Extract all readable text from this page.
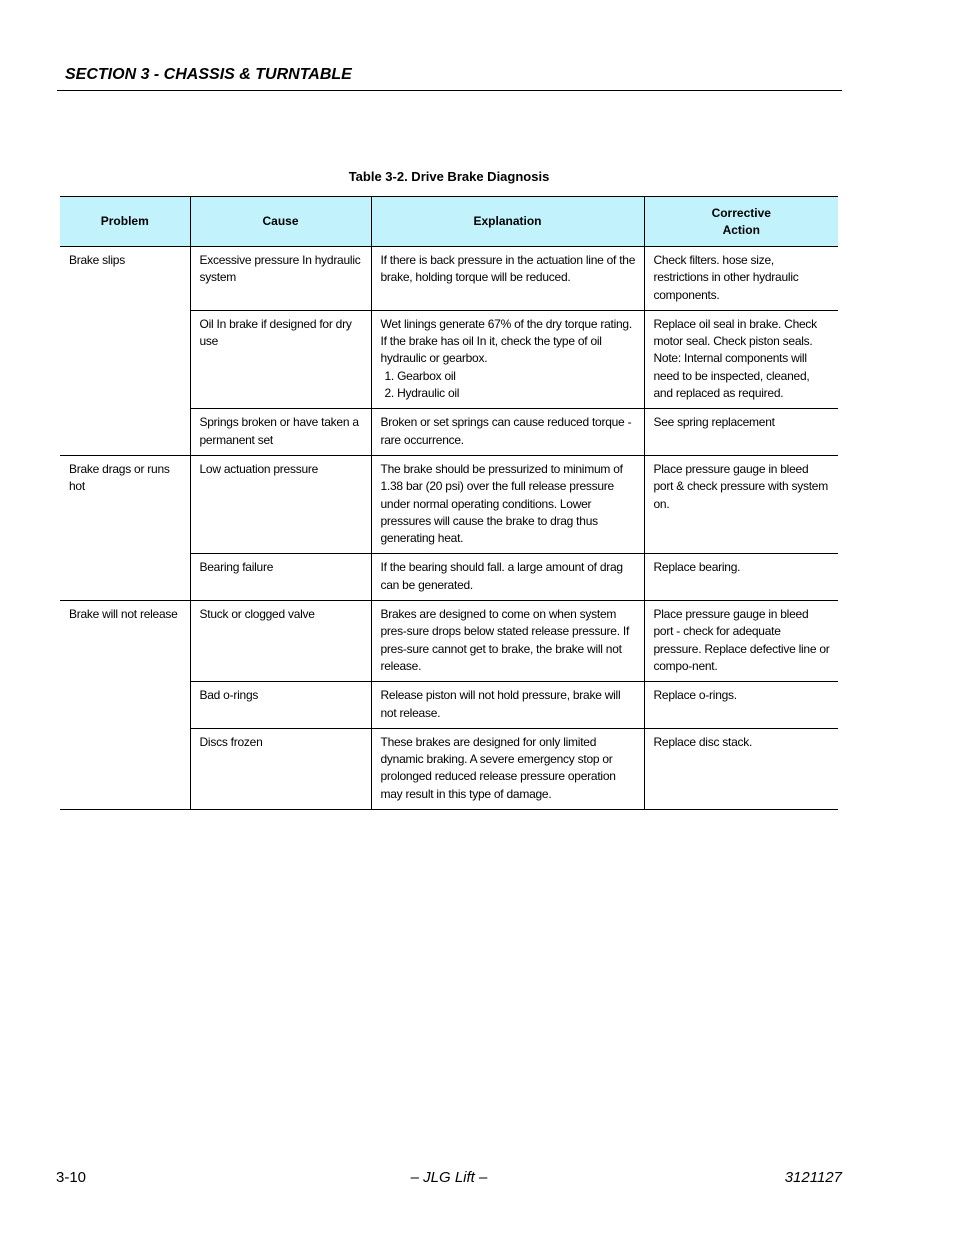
SECTION 3 - CHASSIS & TURNTABLE
Table 3-2. Drive Brake Diagnosis
Problem	Cause	Explanation	Corrective
Action
Brake slips	Excessive pressure In hydraulic system	If there is back pressure in the actuation line of the brake, holding torque will be reduced.	Check filters. hose size, restrictions in other hydraulic components.
	Oil In brake if designed for dry use	Wet linings generate 67% of the dry torque rating. If the brake has oil In it, check the type of oil hydraulic or gearbox.
1. Gearbox oil
2. Hydraulic oil	Replace oil seal in brake. Check motor seal. Check piston seals. Note: Internal components will need to be inspected, cleaned, and replaced as required.
	Springs broken or have taken a permanent set	Broken or set springs can cause reduced torque - rare occurrence.	See spring replacement
Brake drags or runs hot	Low actuation pressure	The brake should be pressurized to minimum of 1.38 bar (20 psi) over the full release pressure under normal operating conditions. Lower pressures will cause the brake to drag thus generating heat.	Place pressure gauge in bleed port & check pressure with system on.
	Bearing failure	If the bearing should fall. a large amount of drag can be generated.	Replace bearing.
Brake will not release	Stuck or clogged valve	Brakes are designed to come on when system pres-sure drops below stated release pressure. If pres-sure cannot get to brake, the brake will not release.	Place pressure gauge in bleed port - check for adequate pressure. Replace defective line or compo-nent.
	Bad o-rings	Release piston will not hold pressure, brake will not release.	Replace o-rings.
	Discs frozen	These brakes are designed for only limited dynamic braking. A severe emergency stop or prolonged reduced release pressure operation may result in this type of damage.	Replace disc stack.
3-10	– JLG Lift –	3121127
